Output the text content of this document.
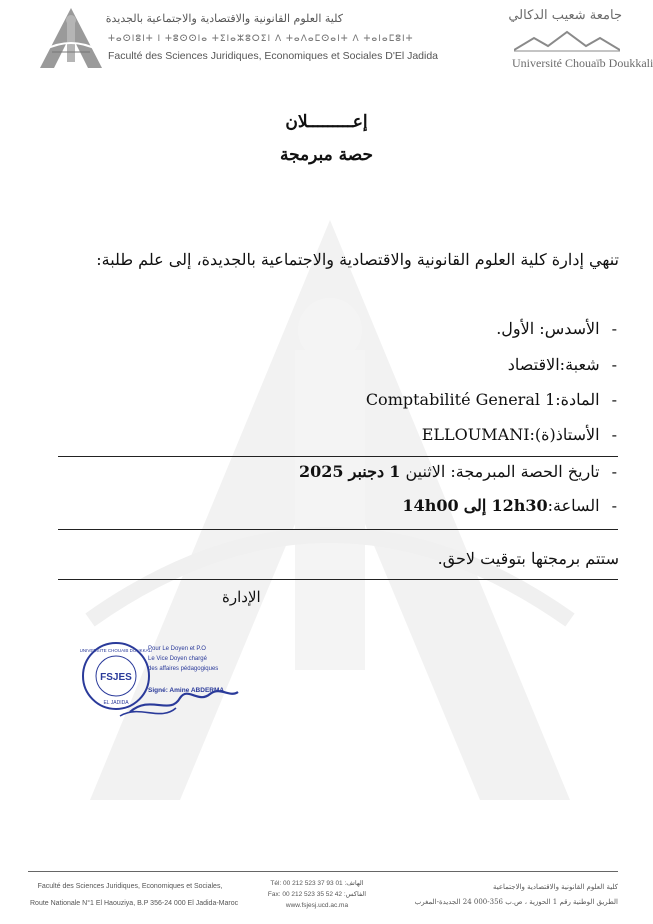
كلية العلوم القانونية والاقتصادية والاجتماعية بالجديدة
ⵜⴰⵙⵏⵓⵏⵜ ⵏ ⵜⵓⵙⵙⵏⴰ ⵜⵉⵏⴰⵣⵓⵔⵉⵏ ⴷ ⵜⴰⴷⴰⵎⵙⴰⵏⵜ ⴷ ⵜⴰⵏⴰⵎⵓⵏⵜ
Faculté des Sciences Juridiques, Economiques et Sociales D'El Jadida
جامعة شعيب الدكالي
Université Chouaïb Doukkali
إعـــــــــلان
حصة مبرمجة
تنهي إدارة كلية العلوم القانونية والاقتصادية والاجتماعية بالجديدة، إلى علم طلبة:
-الأسدس: الأول.
-شعبة:الاقتصاد
-المادة:Comptabilité General 1
-الأستاذ(ة):ELLOUMANI
-تاريخ الحصة المبرمجة: الاثنين 1 دجنبر 2025
-الساعة:12h30 إلى 14h00
ستتم برمجتها بتوقيت لاحق.
الإدارة
FSJES
UNIVERSITE CHOUAIB DOUKKALI
EL JADIDA
Pour Le Doyen et P.O
Le Vice Doyen chargé
des affaires pédagogiques
Signé: Amine ABDERMA
Faculté des Sciences Juridiques, Economiques et Sociales,
Route Nationale N°1 El Haouziya, B.P 356-24 000 El Jadida-Maroc
Tél: 00 212 523 37 93 01 :الهاتف
Fax: 00 212 523 35 52 42 :الفاكس
www.fsjesj.ucd.ac.ma
كلية العلوم القانونية والاقتصادية والاجتماعية
الطريق الوطنية رقم 1 الحوزية ، ص.ب 356-000 24 الجديدة-المغرب
